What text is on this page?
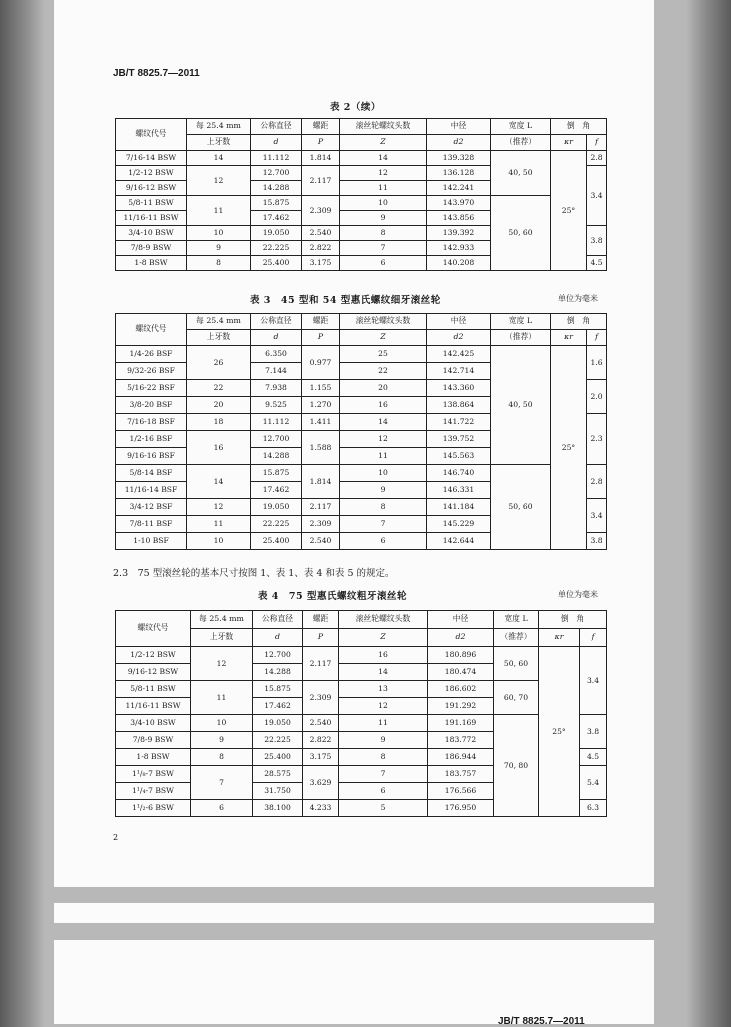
JB/T 8825.7—2011
表 2（续）
螺纹代号	每 25.4 mm	公称直径	螺距	滚丝轮螺纹头数	中径	宽度 L	倒　角	
	上牙数	d	P	Z	d2	（推荐）	κr	f
7/16-14 BSW	14	11.112	1.814	14	139.328	40, 50	25°	2.8
1/2-12 BSW	12	12.700	2.117	12	136.128			3.4
9/16-12 BSW		14.288		11	142.241			
5/8-11 BSW	11	15.875	2.309	10	143.970	50, 60		
11/16-11 BSW		17.462		9	143.856			
3/4-10 BSW	10	19.050	2.540	8	139.392			3.8
7/8-9 BSW	9	22.225	2.822	7	142.933			
1-8 BSW	8	25.400	3.175	6	140.208			4.5
表 3　45 型和 54 型惠氏螺纹细牙滚丝轮	单位为毫米
螺纹代号	每 25.4 mm	公称直径	螺距	滚丝轮螺纹头数	中径	宽度 L	倒　角	
	上牙数	d	P	Z	d2	（推荐）	κr	f
1/4-26 BSF	26	6.350	0.977	25	142.425	40, 50	25°	1.6
9/32-26 BSF		7.144		22	142.714			
5/16-22 BSF	22	7.938	1.155	20	143.360			2.0
3/8-20 BSF	20	9.525	1.270	16	138.864			
7/16-18 BSF	18	11.112	1.411	14	141.722			2.3
1/2-16 BSF	16	12.700	1.588	12	139.752			
9/16-16 BSF		14.288		11	145.563			
5/8-14 BSF	14	15.875	1.814	10	146.740	50, 60		2.8
11/16-14 BSF		17.462		9	146.331			
3/4-12 BSF	12	19.050	2.117	8	141.184			3.4
7/8-11 BSF	11	22.225	2.309	7	145.229			
1-10 BSF	10	25.400	2.540	6	142.644			3.8
2.3　75 型滚丝轮的基本尺寸按图 1、表 1、表 4 和表 5 的规定。
表 4　75 型惠氏螺纹粗牙滚丝轮	单位为毫米
螺纹代号	每 25.4 mm	公称直径	螺距	滚丝轮螺纹头数	中径	宽度 L	倒　角	
	上牙数	d	P	Z	d2	（推荐）	κr	f
1/2-12 BSW	12	12.700	2.117	16	180.896	50, 60	25°	3.4
9/16-12 BSW		14.288		14	180.474			
5/8-11 BSW	11	15.875	2.309	13	186.602	60, 70		
11/16-11 BSW		17.462		12	191.292			
3/4-10 BSW	10	19.050	2.540	11	191.169	70, 80		3.8
7/8-9 BSW	9	22.225	2.822	9	183.772			
1-8 BSW	8	25.400	3.175	8	186.944			4.5
1¹/₈-7 BSW	7	28.575	3.629	7	183.757			5.4
1¹/₄-7 BSW		31.750		6	176.566			
1¹/₂-6 BSW	6	38.100	4.233	5	176.950			6.3
2
JB/T 8825.7—2011
